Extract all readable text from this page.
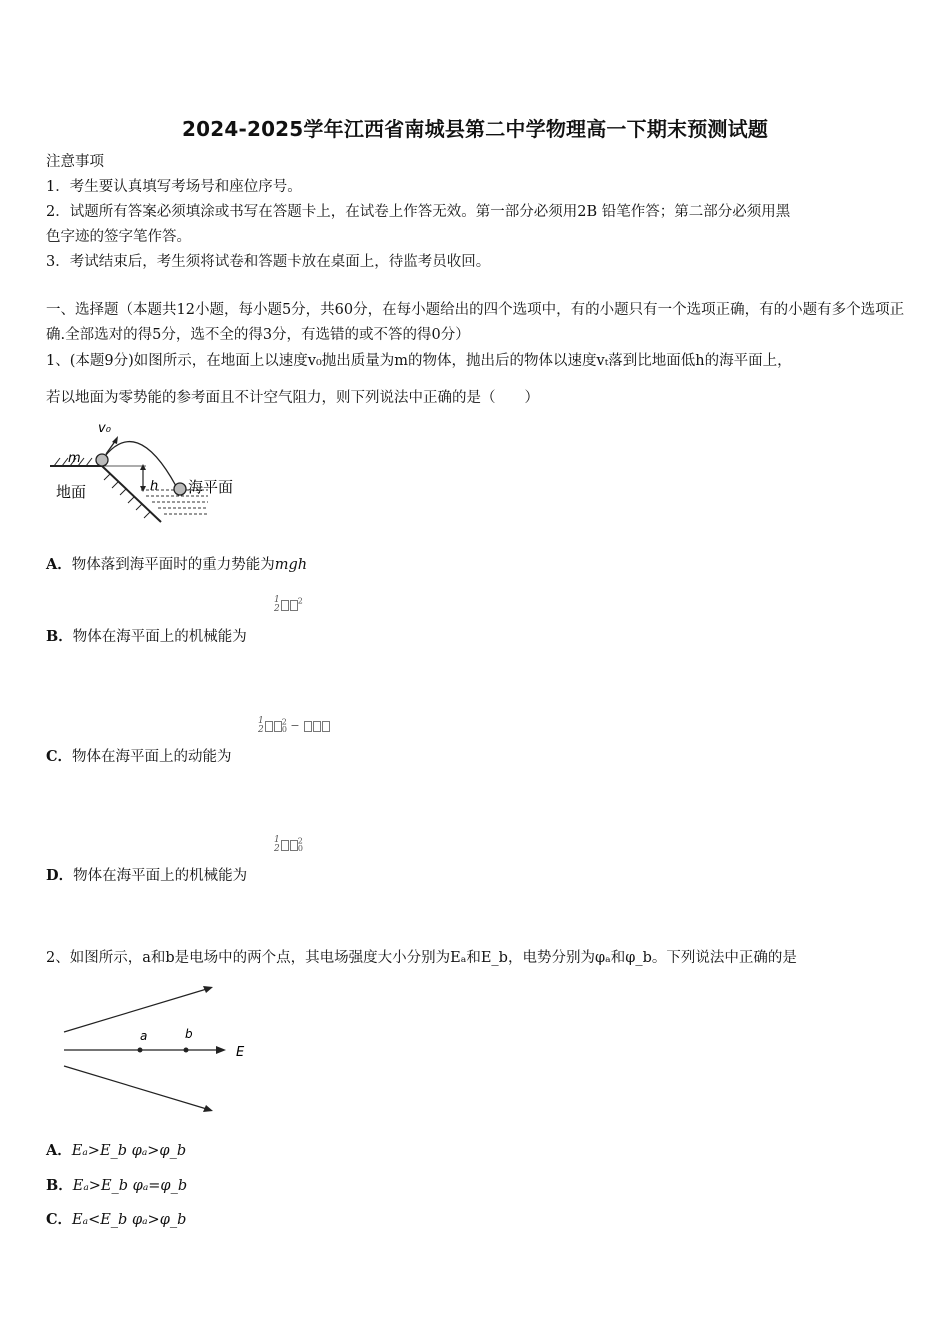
2024-2025学年江西省南城县第二中学物理高一下期末预测试题
注意事项
1．考生要认真填写考场号和座位序号。
2．试题所有答案必须填涂或书写在答题卡上，在试卷上作答无效。第一部分必须用2B 铅笔作答；第二部分必须用黑
色字迹的签字笔作答。
3．考试结束后，考生须将试卷和答题卡放在桌面上，待监考员收回。
一、选择题（本题共12小题，每小题5分，共60分，在每小题给出的四个选项中，有的小题只有一个选项正确，有的小题有多个选项正确.全部选对的得5分，选不全的得3分，有选错的或不答的得0分）
1、(本题9分)如图所示，在地面上以速度v₀抛出质量为m的物体，抛出后的物体以速度vₜ落到比地面低h的海平面上，
若以地面为零势能的参考面且不计空气阻力，则下列说法中正确的是（　　）
v₀
m
h
地面	海平面
A．物体落到海平面时的重力势能为mgh
1
2
$^2$
B．物体在海平面上的机械能为
1
2
$^2_0$ −
C．物体在海平面上的动能为
1
2
$^2_0$
D．物体在海平面上的机械能为
2、如图所示，a和b是电场中的两个点，其电场强度大小分别为Eₐ和E_b，电势分别为φₐ和φ_b。下列说法中正确的是
a	b
E
A．Eₐ>E_b φₐ>φ_b
B．Eₐ>E_b φₐ=φ_b
C．Eₐ<E_b φₐ>φ_b
